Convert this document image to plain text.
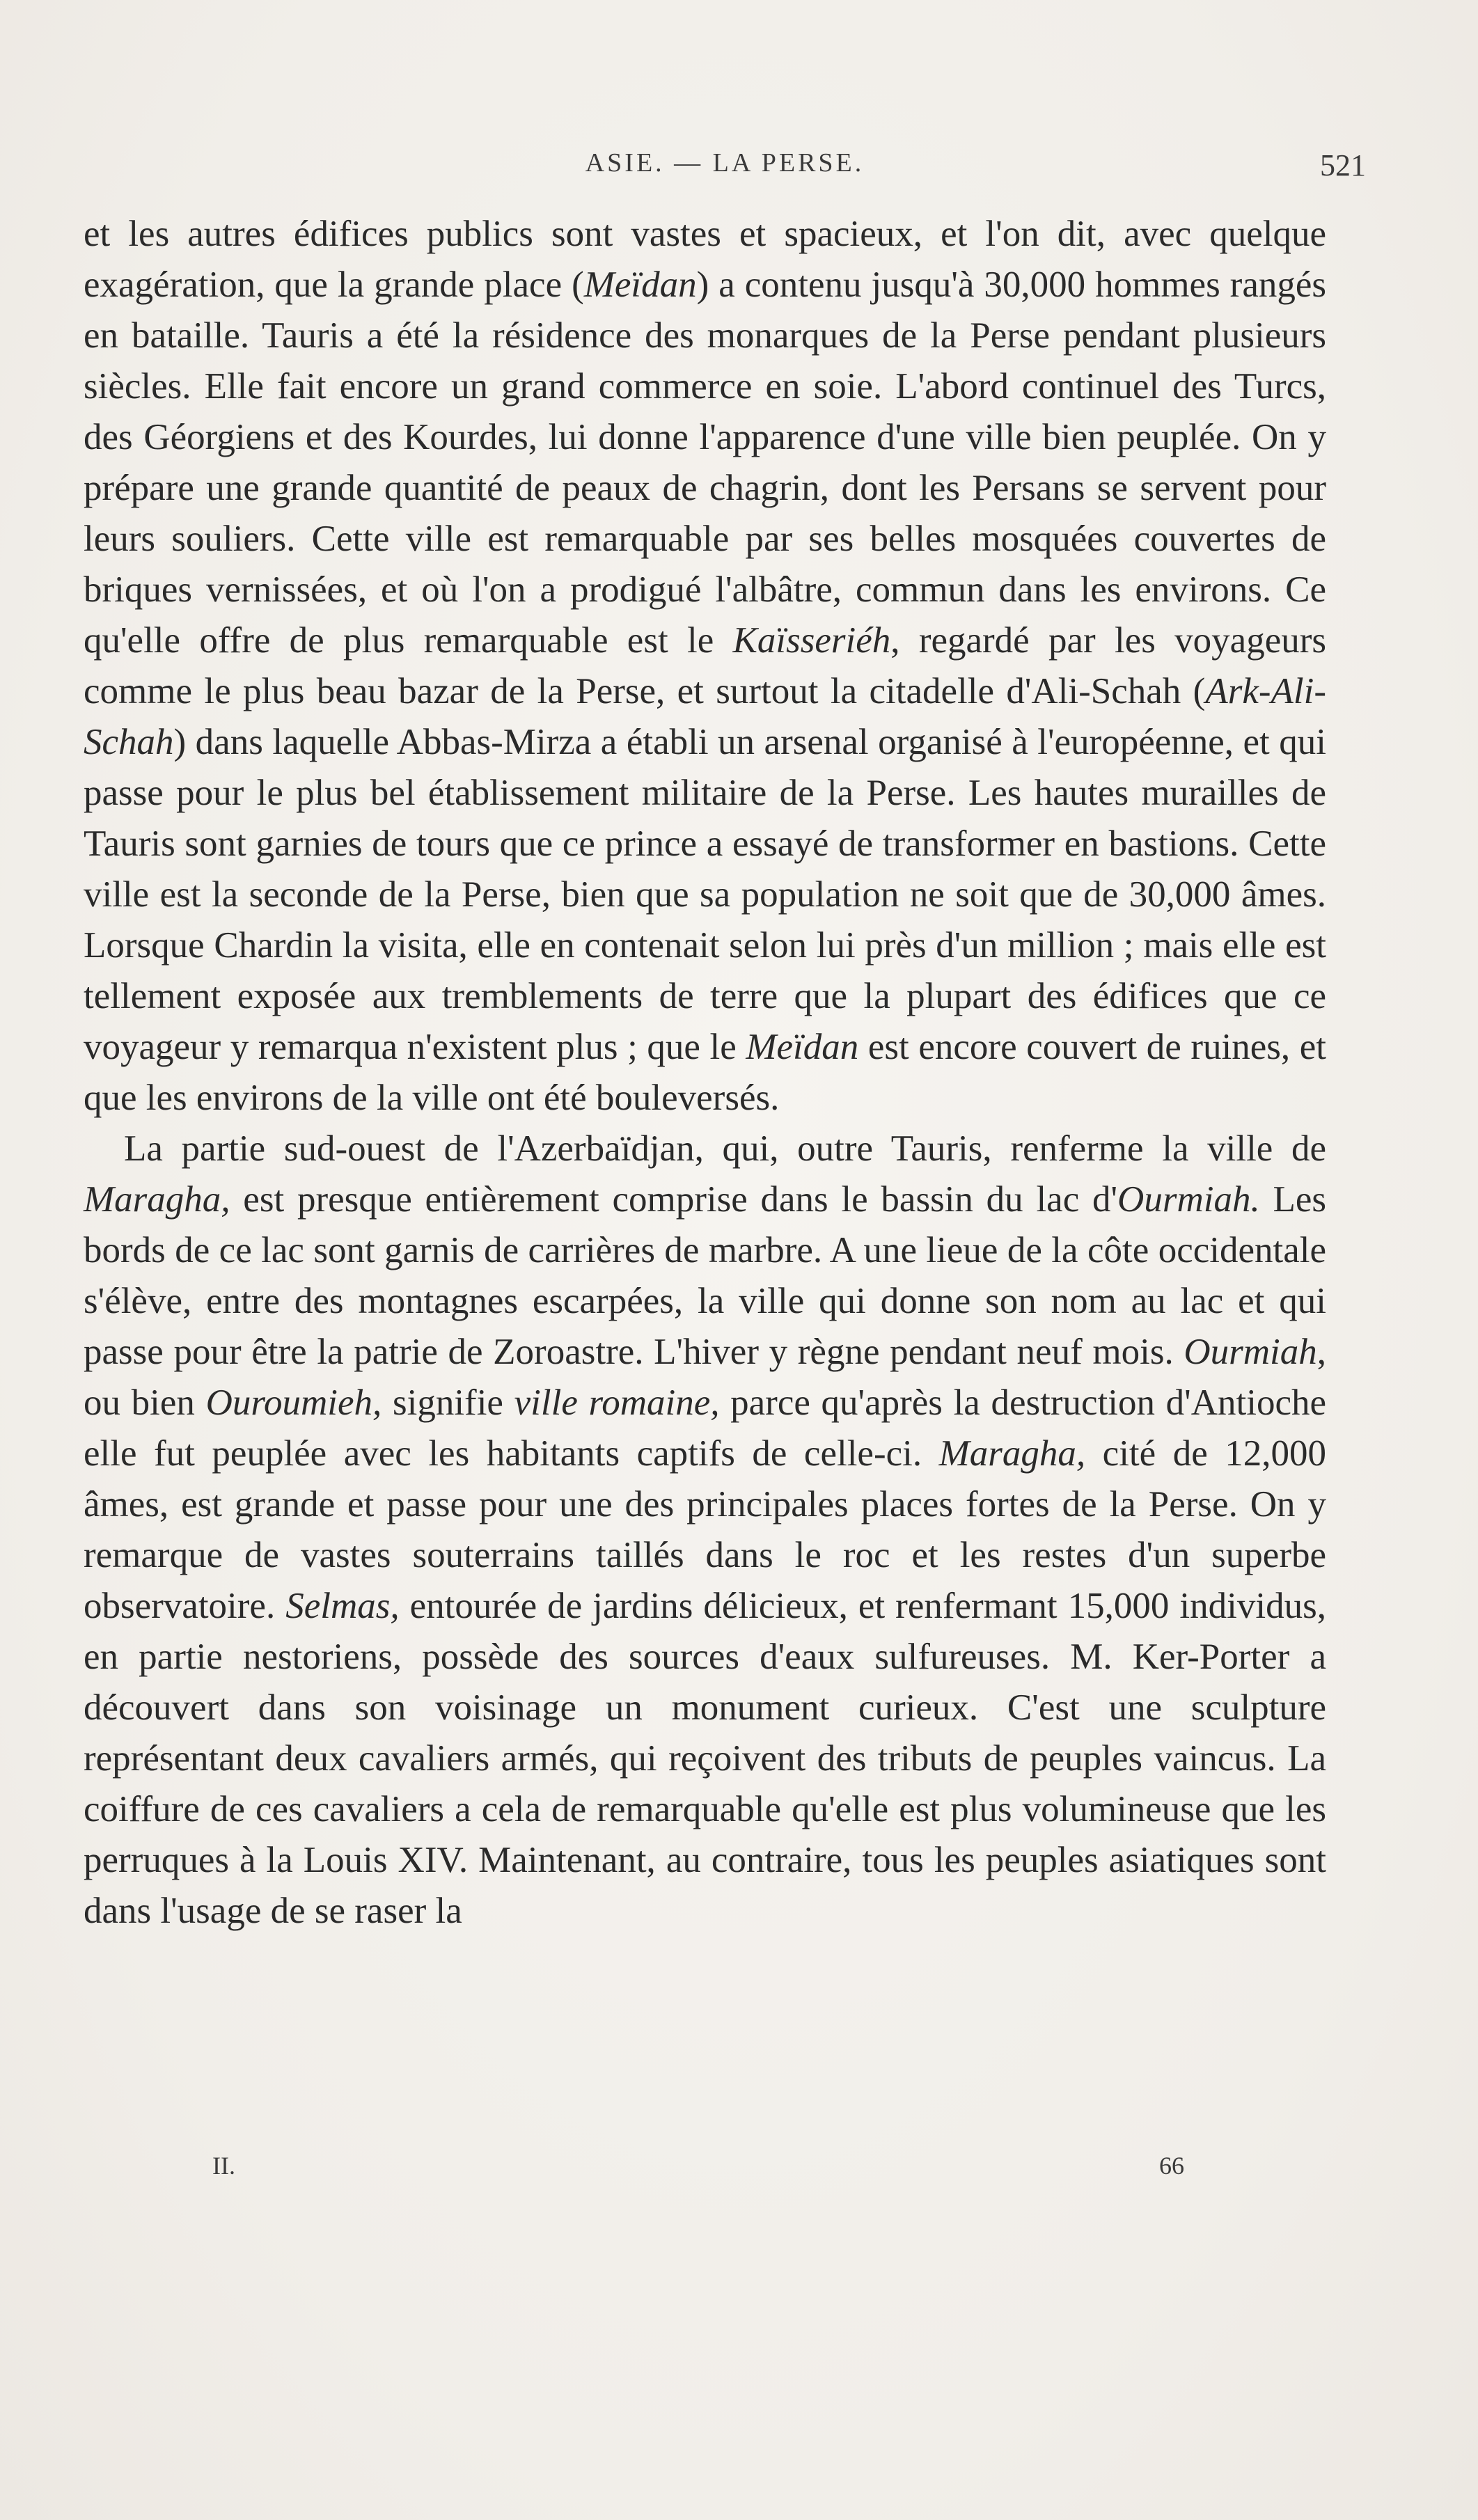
ASIE. — LA PERSE.	521

et les autres édifices publics sont vastes et spacieux, et l'on dit, avec quelque exagération, que la grande place (Meïdan) a contenu jusqu'à 30,000 hommes rangés en bataille. Tauris a été la résidence des monarques de la Perse pendant plusieurs siècles. Elle fait encore un grand commerce en soie. L'abord continuel des Turcs, des Géorgiens et des Kourdes, lui donne l'apparence d'une ville bien peuplée. On y prépare une grande quantité de peaux de chagrin, dont les Persans se servent pour leurs souliers. Cette ville est remarquable par ses belles mosquées couvertes de briques vernissées, et où l'on a prodigué l'albâtre, commun dans les environs. Ce qu'elle offre de plus remarquable est le Kaïsseriéh, regardé par les voyageurs comme le plus beau bazar de la Perse, et surtout la citadelle d'Ali-Schah (Ark-Ali-Schah) dans laquelle Abbas-Mirza a établi un arsenal organisé à l'européenne, et qui passe pour le plus bel établissement militaire de la Perse. Les hautes murailles de Tauris sont garnies de tours que ce prince a essayé de transformer en bastions. Cette ville est la seconde de la Perse, bien que sa population ne soit que de 30,000 âmes. Lorsque Chardin la visita, elle en contenait selon lui près d'un million ; mais elle est tellement exposée aux tremblements de terre que la plupart des édifices que ce voyageur y remarqua n'existent plus ; que le Meïdan est encore couvert de ruines, et que les environs de la ville ont été bouleversés.

La partie sud-ouest de l'Azerbaïdjan, qui, outre Tauris, renferme la ville de Maragha, est presque entièrement comprise dans le bassin du lac d'Ourmiah. Les bords de ce lac sont garnis de carrières de marbre. A une lieue de la côte occidentale s'élève, entre des montagnes escarpées, la ville qui donne son nom au lac et qui passe pour être la patrie de Zoroastre. L'hiver y règne pendant neuf mois. Ourmiah, ou bien Ouroumieh, signifie ville romaine, parce qu'après la destruction d'Antioche elle fut peuplée avec les habitants captifs de celle-ci. Maragha, cité de 12,000 âmes, est grande et passe pour une des principales places fortes de la Perse. On y remarque de vastes souterrains taillés dans le roc et les restes d'un superbe observatoire. Selmas, entourée de jardins délicieux, et renfermant 15,000 individus, en partie nestoriens, possède des sources d'eaux sulfureuses. M. Ker-Porter a découvert dans son voisinage un monument curieux. C'est une sculpture représentant deux cavaliers armés, qui reçoivent des tributs de peuples vaincus. La coiffure de ces cavaliers a cela de remarquable qu'elle est plus volumineuse que les perruques à la Louis XIV. Maintenant, au contraire, tous les peuples asiatiques sont dans l'usage de se raser la

II.	66
